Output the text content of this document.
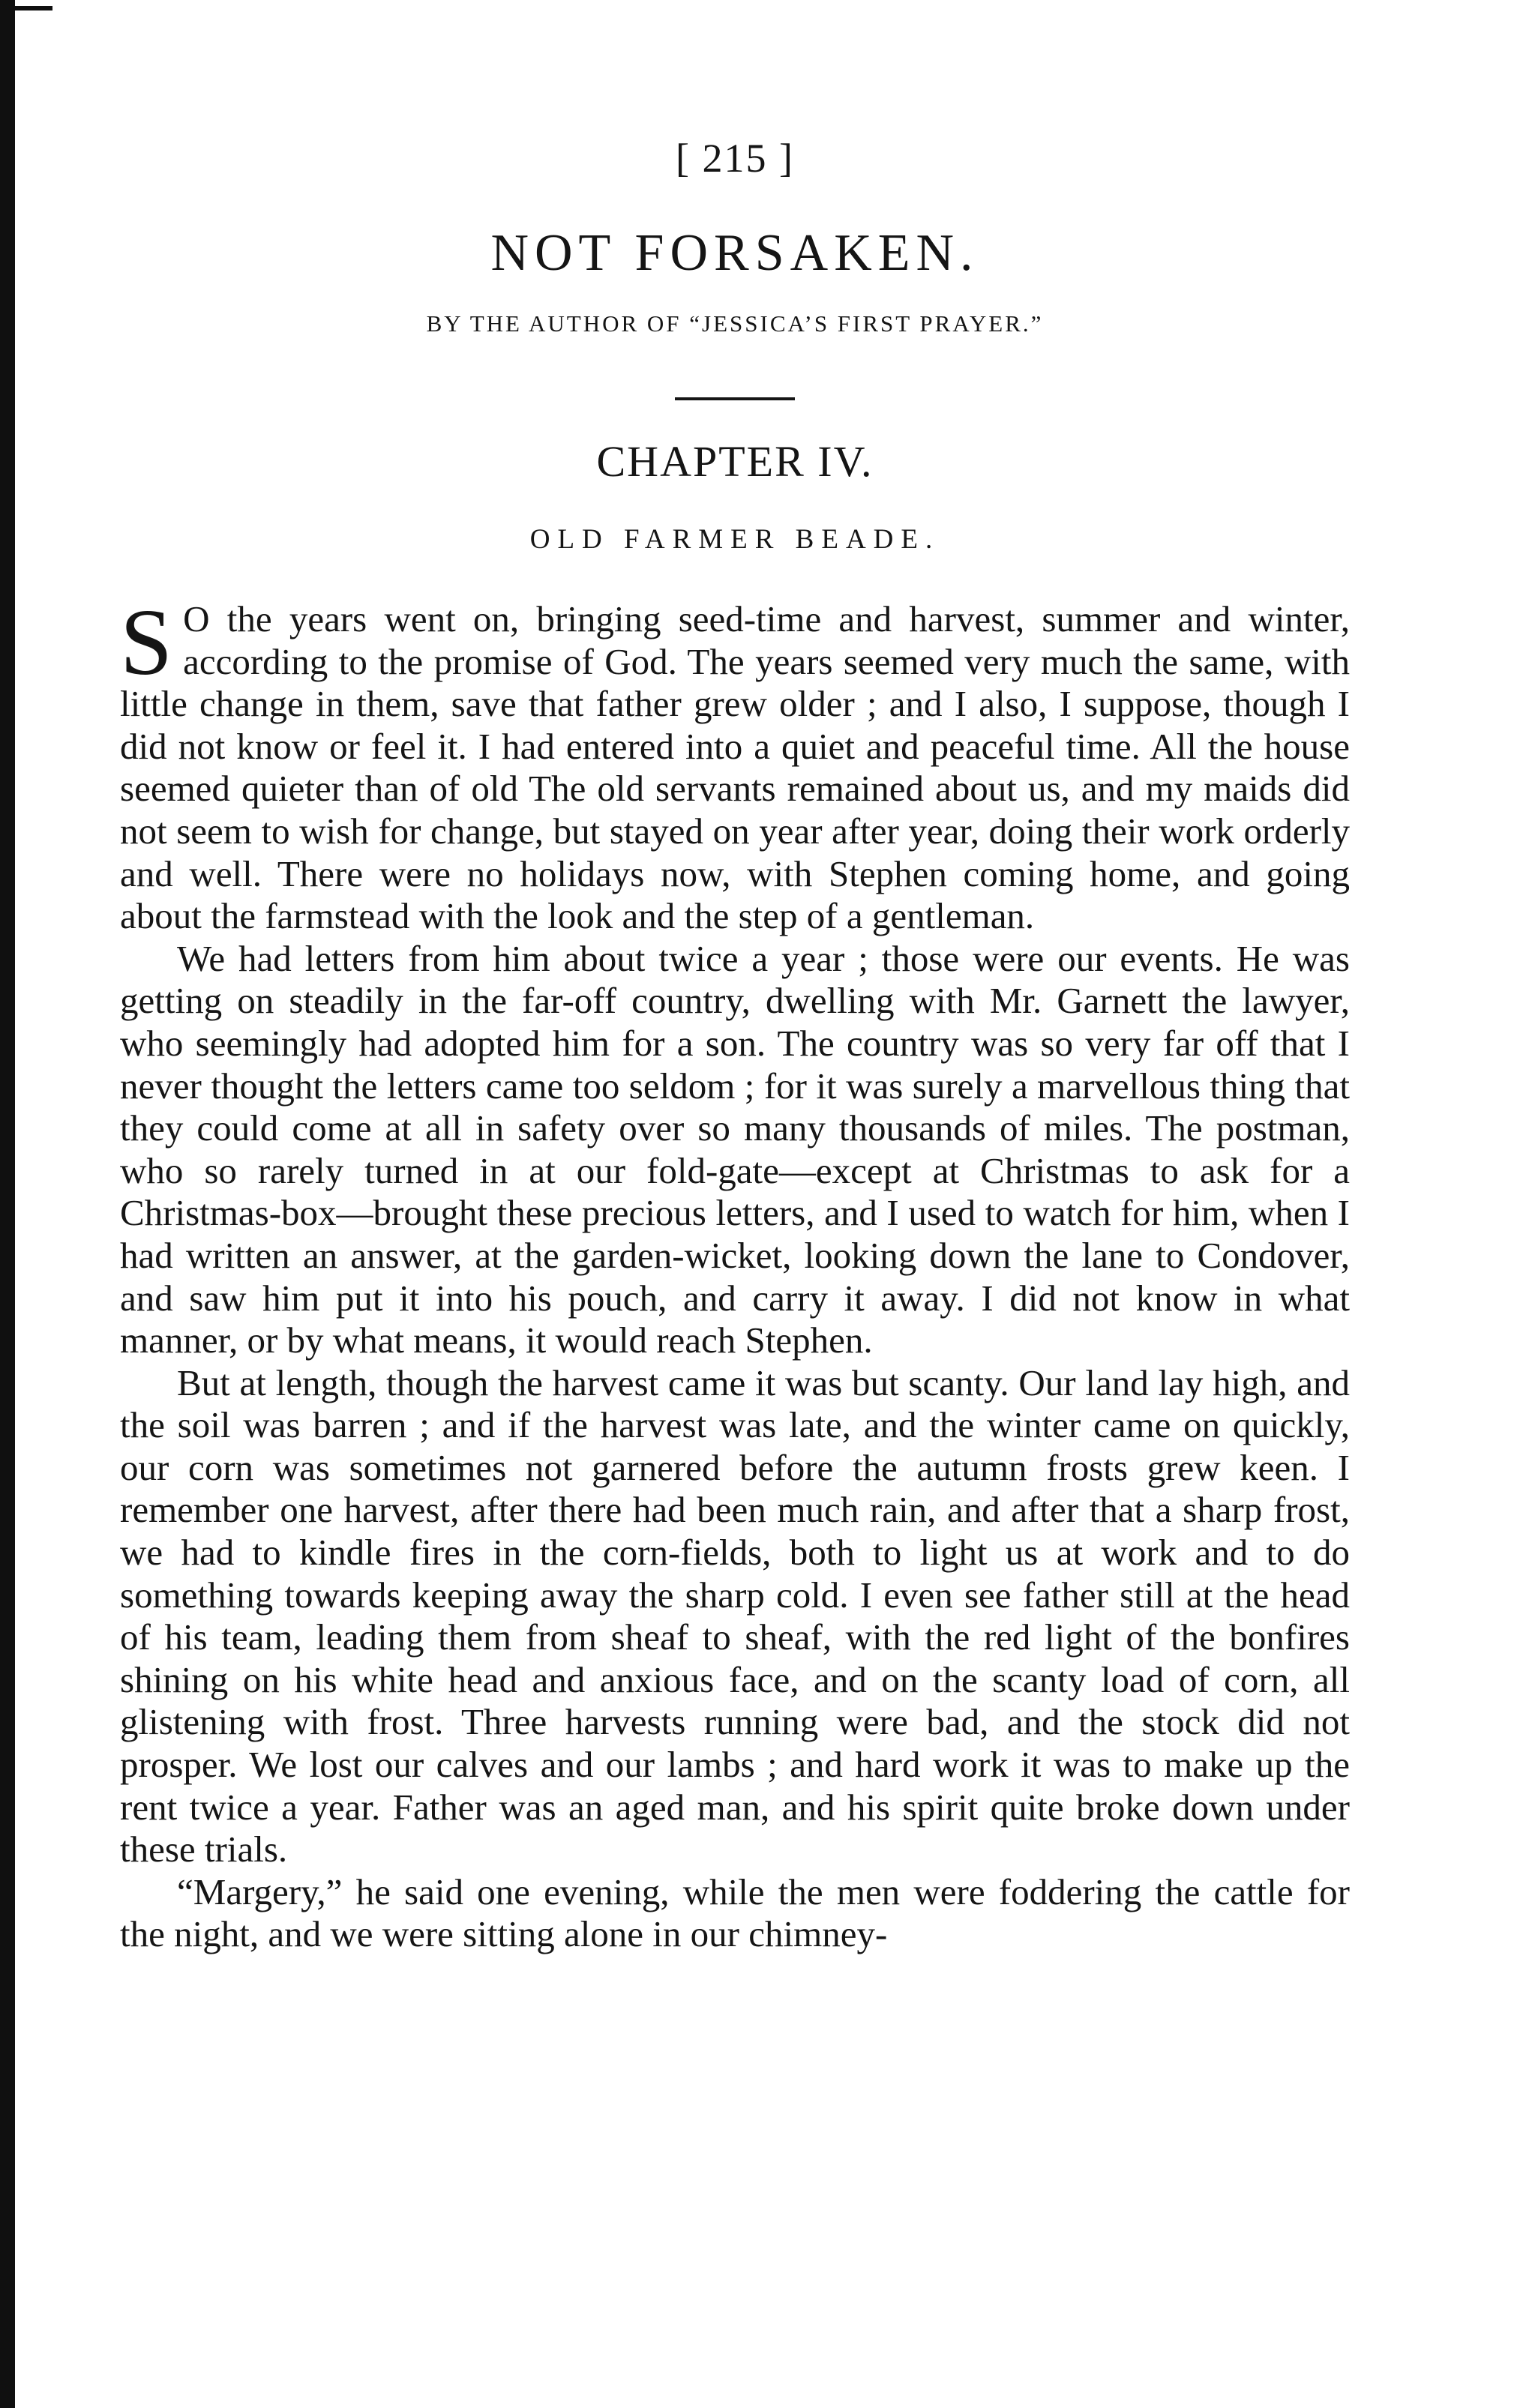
[ 215 ]
NOT FORSAKEN.
BY THE AUTHOR OF “JESSICA’S FIRST PRAYER.”
CHAPTER IV.
OLD FARMER BEADE.

S O the years went on, bringing seed-time and harvest, summer and winter, according to the promise of God. The years seemed very much the same, with little change in them, save that father grew older ; and I also, I suppose, though I did not know or feel it. I had entered into a quiet and peaceful time. All the house seemed quieter than of old The old servants remained about us, and my maids did not seem to wish for change, but stayed on year after year, doing their work orderly and well. There were no holidays now, with Stephen coming home, and going about the farmstead with the look and the step of a gentleman.

We had letters from him about twice a year ; those were our events. He was getting on steadily in the far-off country, dwelling with Mr. Garnett the lawyer, who seemingly had adopted him for a son. The country was so very far off that I never thought the letters came too seldom ; for it was surely a marvellous thing that they could come at all in safety over so many thousands of miles. The postman, who so rarely turned in at our fold-gate—except at Christmas to ask for a Christmas-box—brought these precious letters, and I used to watch for him, when I had written an answer, at the garden-wicket, looking down the lane to Condover, and saw him put it into his pouch, and carry it away. I did not know in what manner, or by what means, it would reach Stephen.

But at length, though the harvest came it was but scanty. Our land lay high, and the soil was barren ; and if the harvest was late, and the winter came on quickly, our corn was sometimes not garnered before the autumn frosts grew keen. I remember one harvest, after there had been much rain, and after that a sharp frost, we had to kindle fires in the corn-fields, both to light us at work and to do something towards keeping away the sharp cold. I even see father still at the head of his team, leading them from sheaf to sheaf, with the red light of the bonfires shining on his white head and anxious face, and on the scanty load of corn, all glistening with frost. Three harvests running were bad, and the stock did not prosper. We lost our calves and our lambs ; and hard work it was to make up the rent twice a year. Father was an aged man, and his spirit quite broke down under these trials.

“Margery,” he said one evening, while the men were foddering the cattle for the night, and we were sitting alone in our chimney-
